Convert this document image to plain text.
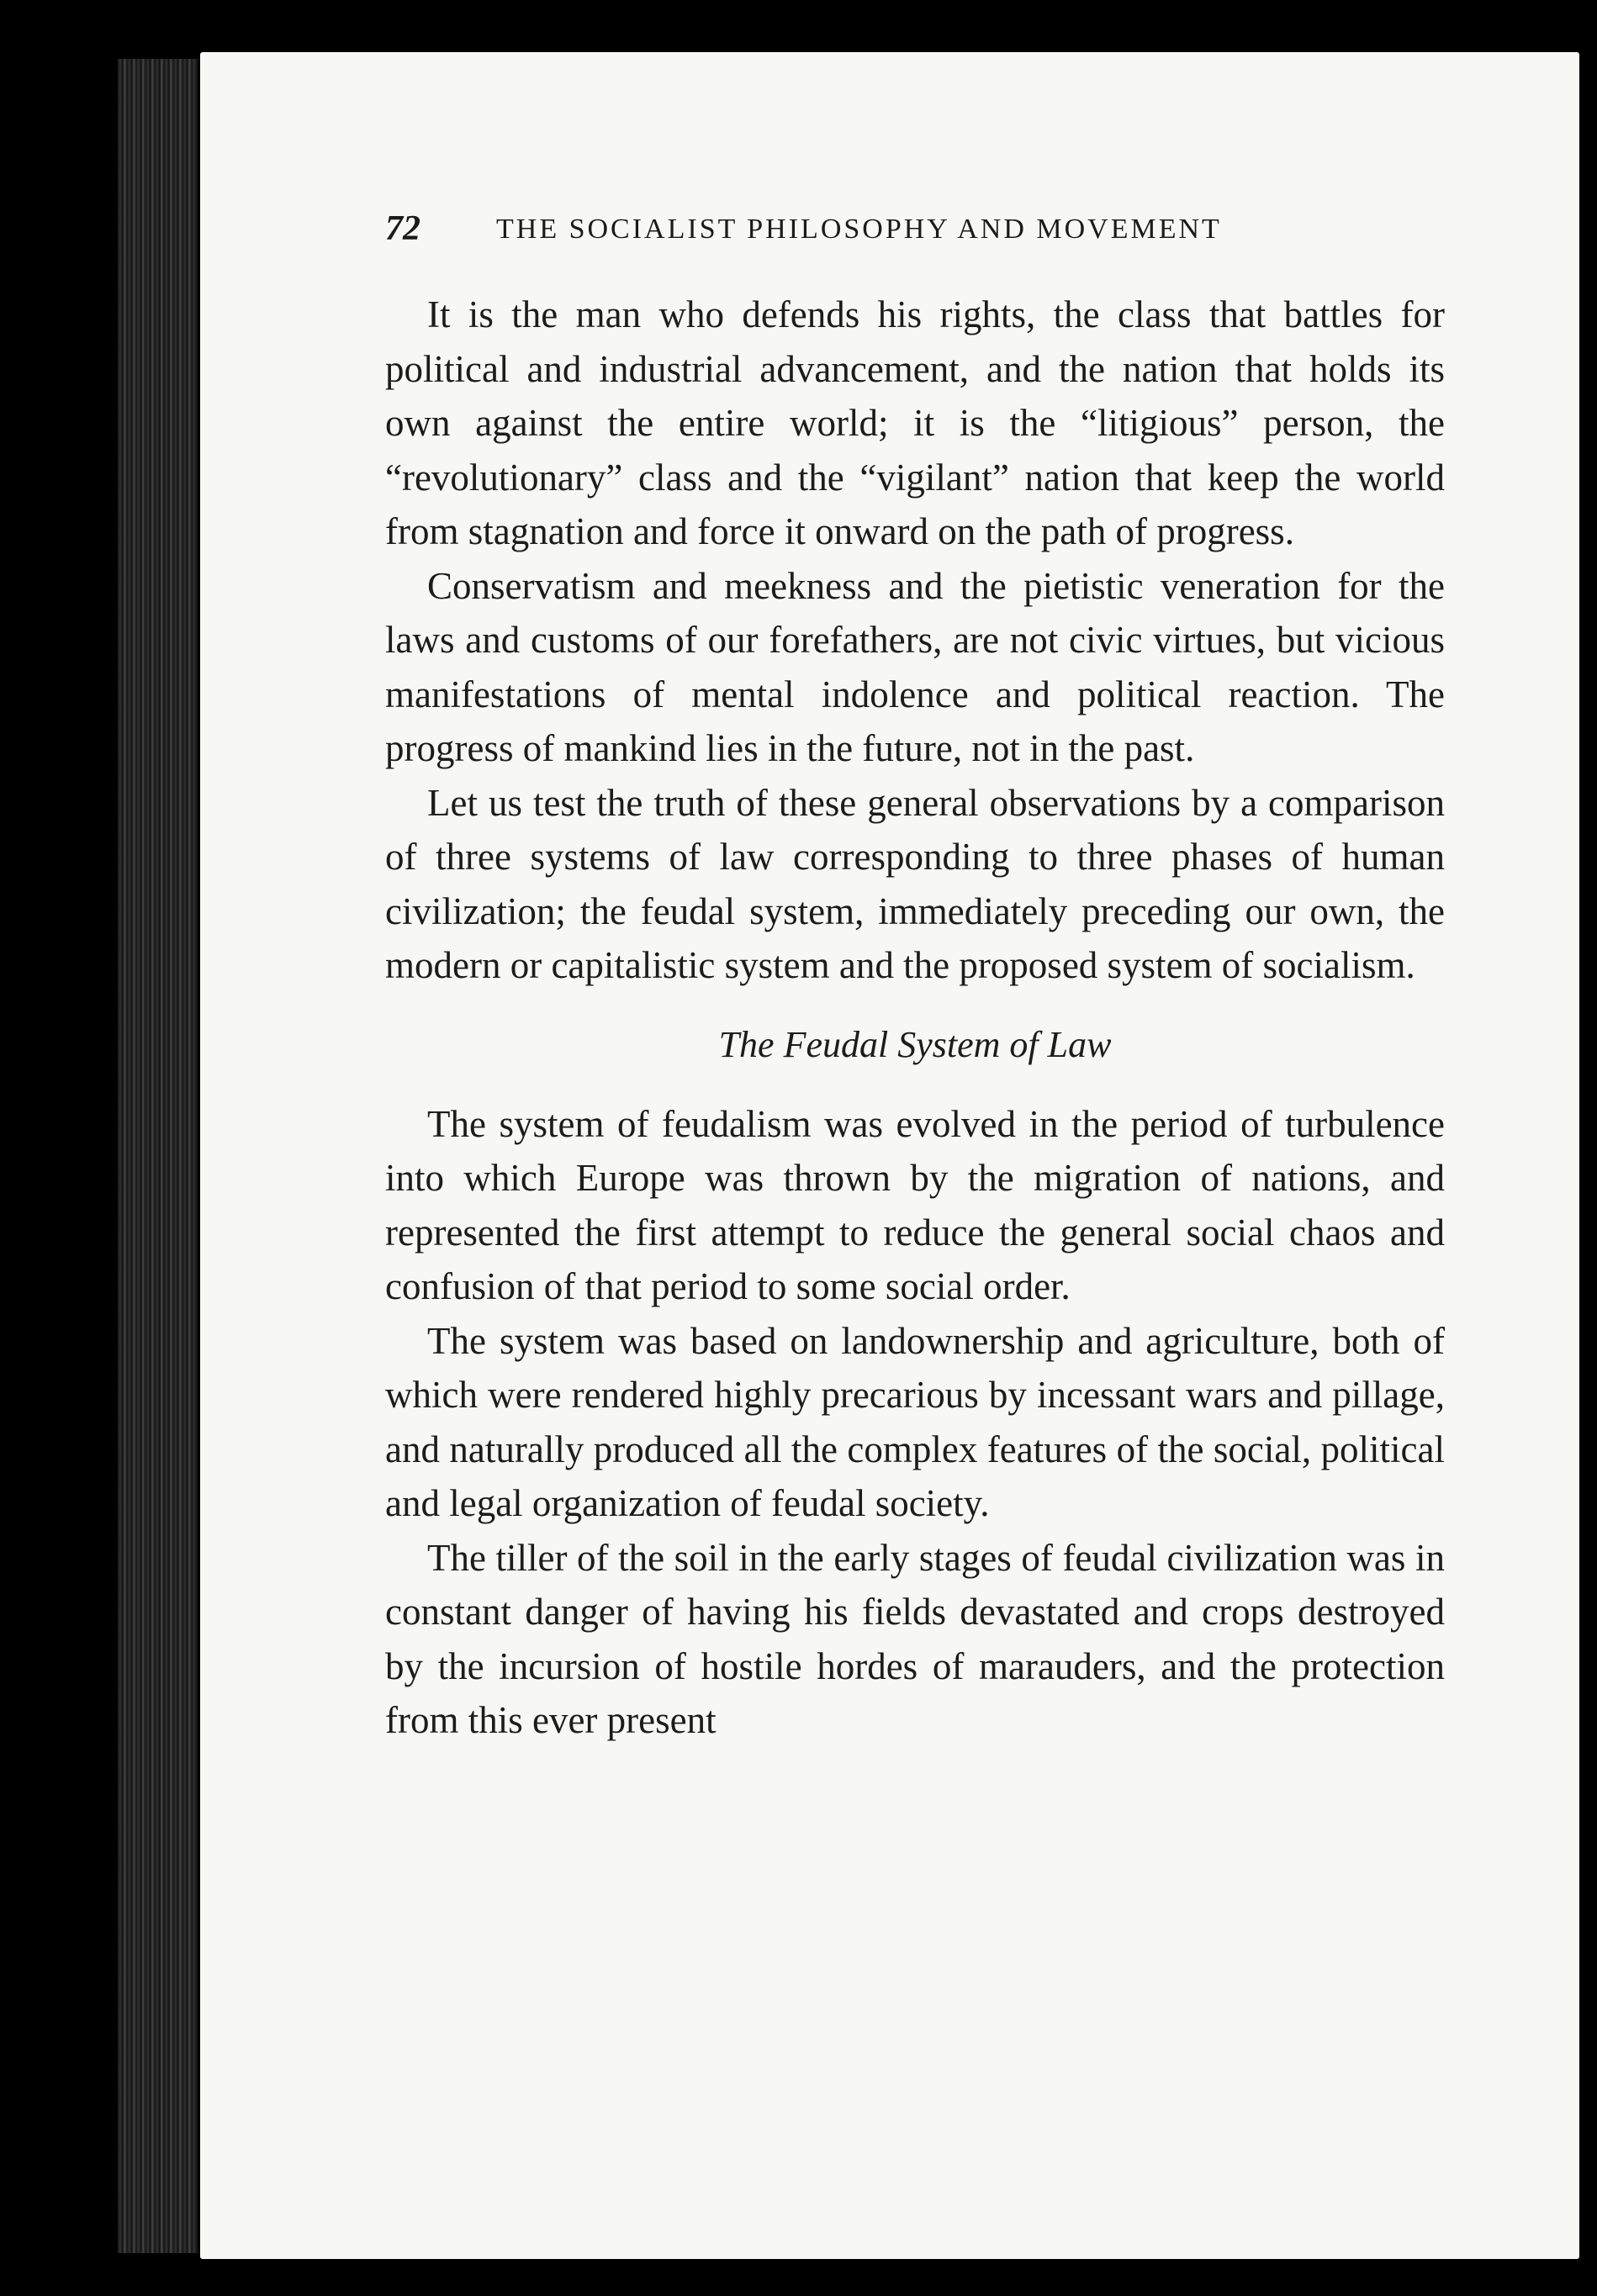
72	THE SOCIALIST PHILOSOPHY AND MOVEMENT

It is the man who defends his rights, the class that battles for political and industrial advancement, and the nation that holds its own against the entire world; it is the “litigious” person, the “revolutionary” class and the “vigilant” nation that keep the world from stagnation and force it onward on the path of progress.

Conservatism and meekness and the pietistic veneration for the laws and customs of our forefathers, are not civic virtues, but vicious manifestations of mental indolence and political reaction. The progress of mankind lies in the future, not in the past.

Let us test the truth of these general observations by a comparison of three systems of law corresponding to three phases of human civilization; the feudal system, immediately preceding our own, the modern or capitalistic system and the proposed system of socialism.

The Feudal System of Law

The system of feudalism was evolved in the period of turbulence into which Europe was thrown by the migration of nations, and represented the first attempt to reduce the general social chaos and confusion of that period to some social order.

The system was based on landownership and agriculture, both of which were rendered highly precarious by incessant wars and pillage, and naturally produced all the complex features of the social, political and legal organization of feudal society.

The tiller of the soil in the early stages of feudal civilization was in constant danger of having his fields devastated and crops destroyed by the incursion of hostile hordes of marauders, and the protection from this ever present
